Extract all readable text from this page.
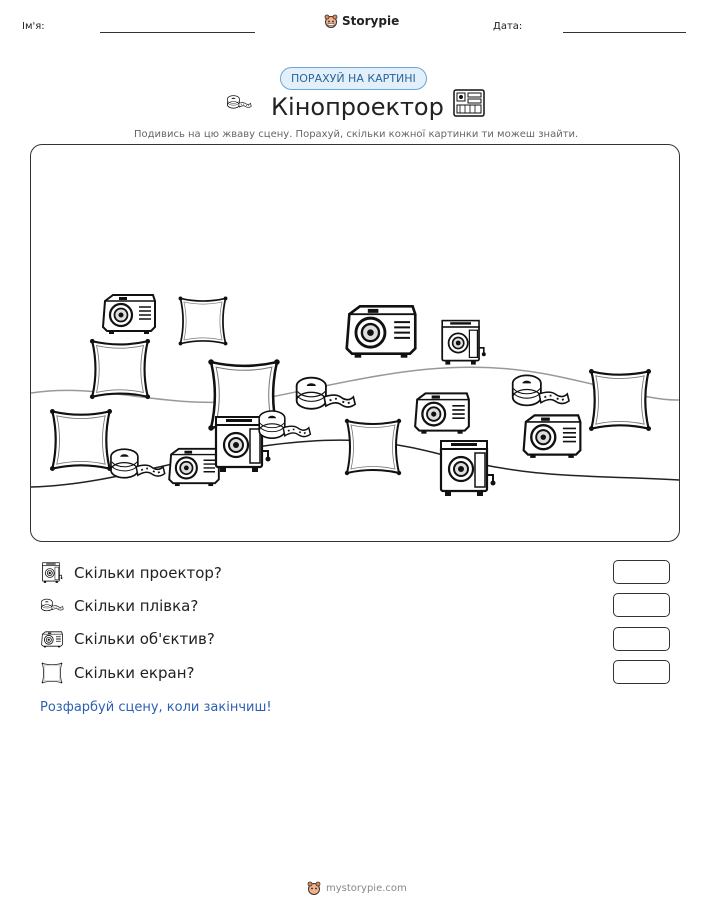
Ім'я:	Storypie	Дата:
ПОРАХУЙ НА КАРТИНІ
Кінопроектор
Подивись на цю жваву сцену. Порахуй, скільки кожної картинки ти можеш знайти.
Скільки проектор?
Скільки плівка?
Скільки об'єктив?
Скільки екран?
Розфарбуй сцену, коли закінчиш!
mystorypie.com
